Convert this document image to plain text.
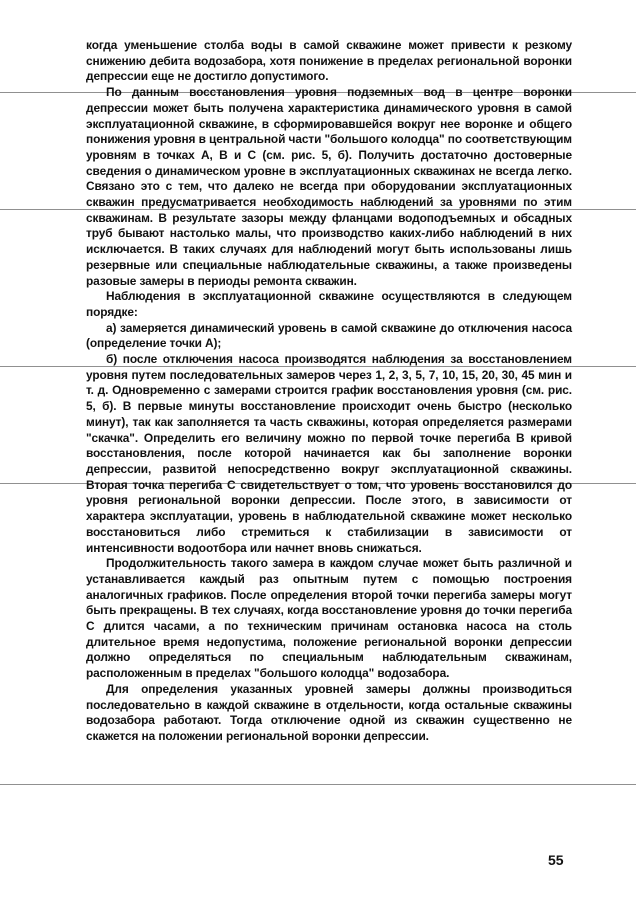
когда уменьшение столба воды в самой скважине может привести к резкому снижению дебита водозабора, хотя понижение в пределах региональной воронки депрессии еще не достигло допустимого.

По данным восстановления уровня подземных вод в центре воронки депрессии может быть получена характеристика динамического уровня в самой эксплуатационной скважине, в сформировавшейся вокруг нее воронке и общего понижения уровня в центральной части "большого колодца" по соответствующим уровням в точках A, B и C (см. рис. 5, б). Получить достаточно достоверные сведения о динамическом уровне в эксплуатационных скважинах не всегда легко. Связано это с тем, что далеко не всегда при оборудовании эксплуатационных скважин предусматривается необходимость наблюдений за уровнями по этим скважинам. В результате зазоры между фланцами водоподъемных и обсадных труб бывают настолько малы, что производство каких-либо наблюдений в них исключается. В таких случаях для наблюдений могут быть использованы лишь резервные или специальные наблюдательные скважины, а также произведены разовые замеры в периоды ремонта скважин.

Наблюдения в эксплуатационной скважине осуществляются в следующем порядке:

а) замеряется динамический уровень в самой скважине до отключения насоса (определение точки A);

б) после отключения насоса производятся наблюдения за восстановлением уровня путем последовательных замеров через 1, 2, 3, 5, 7, 10, 15, 20, 30, 45 мин и т. д. Одновременно с замерами строится график восстановления уровня (см. рис. 5, б). В первые минуты восстановление происходит очень быстро (несколько минут), так как заполняется та часть скважины, которая определяется размерами "скачка". Определить его величину можно по первой точке перегиба B кривой восстановления, после которой начинается как бы заполнение воронки депрессии, развитой непосредственно вокруг эксплуатационной скважины. Вторая точка перегиба C свидетельствует о том, что уровень восстановился до уровня региональной воронки депрессии. После этого, в зависимости от характера эксплуатации, уровень в наблюдательной скважине может несколько восстановиться либо стремиться к стабилизации в зависимости от интенсивности водоотбора или начнет вновь снижаться.

Продолжительность такого замера в каждом случае может быть различной и устанавливается каждый раз опытным путем с помощью построения аналогичных графиков. После определения второй точки перегиба замеры могут быть прекращены. В тех случаях, когда восстановление уровня до точки перегиба C длится часами, а по техническим причинам остановка насоса на столь длительное время недопустима, положение региональной воронки депрессии должно определяться по специальным наблюдательным скважинам, расположенным в пределах "большого колодца" водозабора.

Для определения указанных уровней замеры должны производиться последовательно в каждой скважине в отдельности, когда остальные скважины водозабора работают. Тогда отключение одной из скважин существенно не скажется на положении региональной воронки депрессии.

55
